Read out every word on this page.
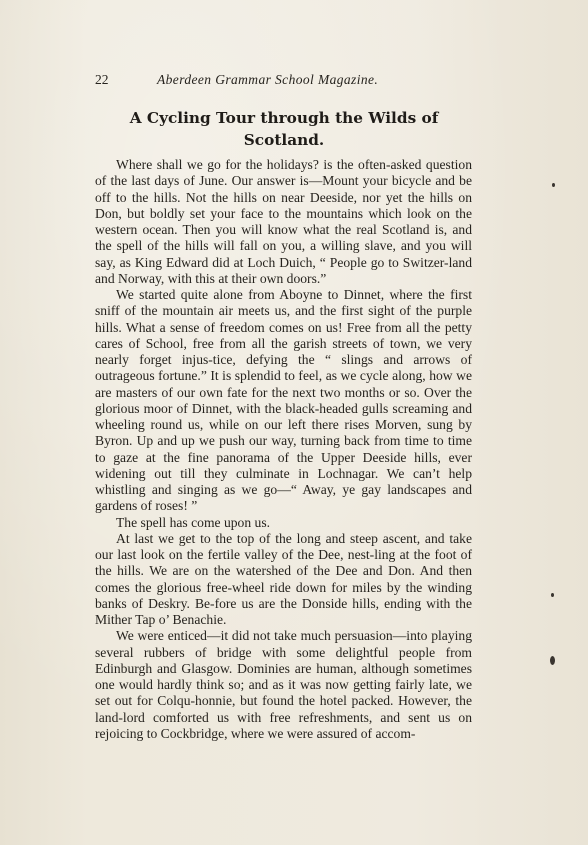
22	Aberdeen Grammar School Magazine.
A Cycling Tour through the Wilds of
Scotland.

Where shall we go for the holidays? is the often-asked question of the last days of June. Our answer is—Mount your bicycle and be off to the hills. Not the hills on near Deeside, nor yet the hills on Don, but boldly set your face to the mountains which look on the western ocean. Then you will know what the real Scotland is, and the spell of the hills will fall on you, a willing slave, and you will say, as King Edward did at Loch Duich, “ People go to Switzer-land and Norway, with this at their own doors.”

We started quite alone from Aboyne to Dinnet, where the first sniff of the mountain air meets us, and the first sight of the purple hills. What a sense of freedom comes on us! Free from all the petty cares of School, free from all the garish streets of town, we very nearly forget injus-tice, defying the “ slings and arrows of outrageous fortune.” It is splendid to feel, as we cycle along, how we are masters of our own fate for the next two months or so. Over the glorious moor of Dinnet, with the black-headed gulls screaming and wheeling round us, while on our left there rises Morven, sung by Byron. Up and up we push our way, turning back from time to time to gaze at the fine panorama of the Upper Deeside hills, ever widening out till they culminate in Lochnagar. We can’t help whistling and singing as we go—“ Away, ye gay landscapes and gardens of roses! ”

The spell has come upon us.

At last we get to the top of the long and steep ascent, and take our last look on the fertile valley of the Dee, nest-ling at the foot of the hills. We are on the watershed of the Dee and Don. And then comes the glorious free-wheel ride down for miles by the winding banks of Deskry. Be-fore us are the Donside hills, ending with the Mither Tap o’ Benachie.

We were enticed—it did not take much persuasion—into playing several rubbers of bridge with some delightful people from Edinburgh and Glasgow. Dominies are human, although sometimes one would hardly think so; and as it was now getting fairly late, we set out for Colqu-honnie, but found the hotel packed. However, the land-lord comforted us with free refreshments, and sent us on rejoicing to Cockbridge, where we were assured of accom-
